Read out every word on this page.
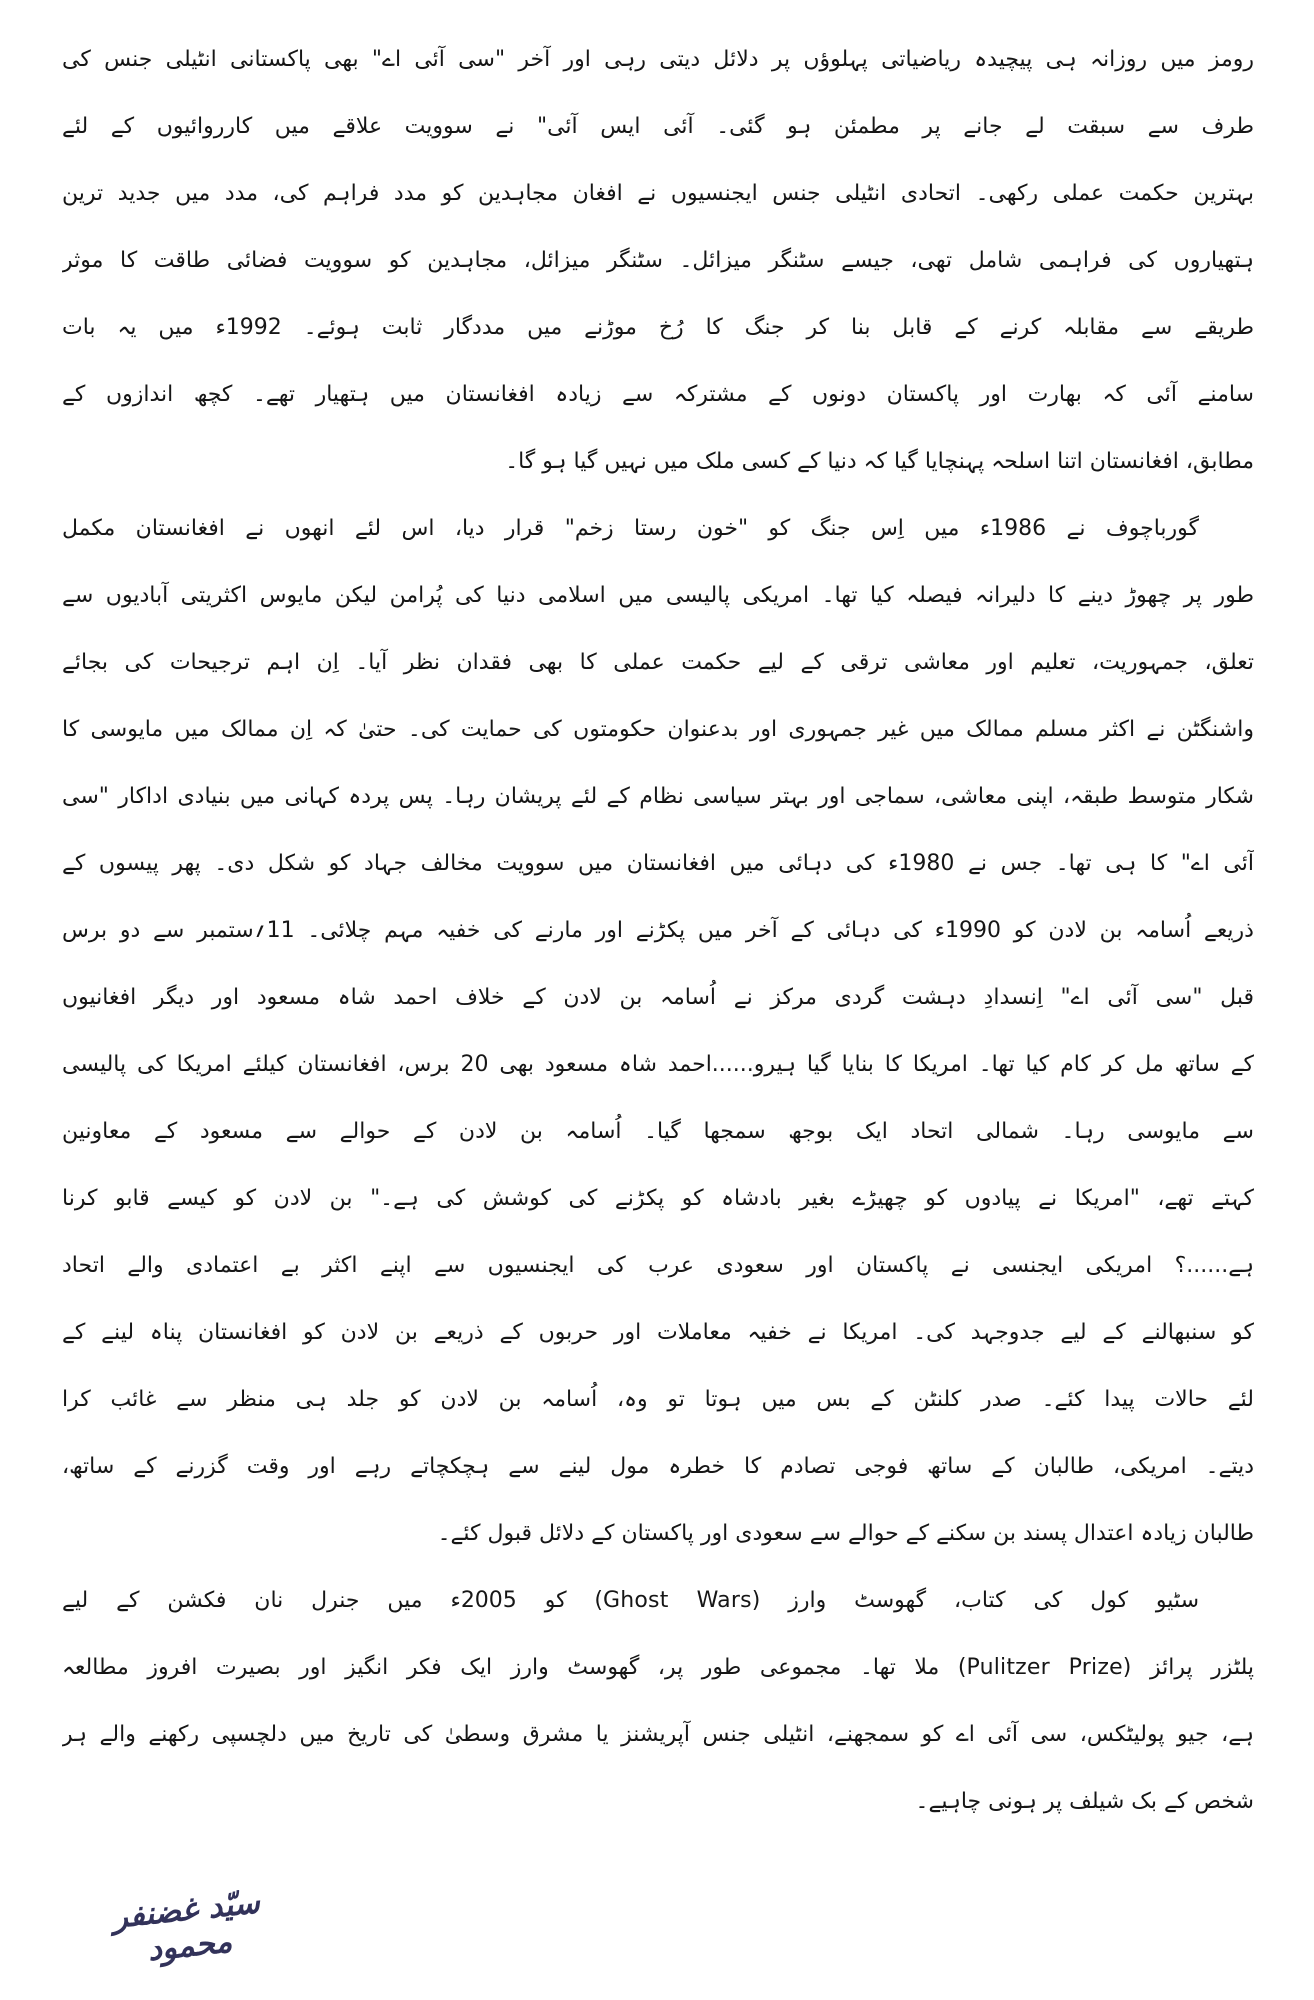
رومز میں روزانہ ہی پیچیدہ ریاضیاتی پہلوؤں پر دلائل دیتی رہی اور آخر "سی آئی اے" بھی پاکستانی انٹیلی جنس کی
طرف سے سبقت لے جانے پر مطمئن ہو گئی۔ آئی ایس آئی" نے سوویت علاقے میں کارروائیوں کے لئے
بہترین حکمت عملی رکھی۔ اتحادی انٹیلی جنس ایجنسیوں نے افغان مجاہدین کو مدد فراہم کی، مدد میں جدید ترین
ہتھیاروں کی فراہمی شامل تھی، جیسے سٹنگر میزائل۔ سٹنگر میزائل، مجاہدین کو سوویت فضائی طاقت کا موثر
طریقے سے مقابلہ کرنے کے قابل بنا کر جنگ کا رُخ موڑنے میں مددگار ثابت ہوئے۔ 1992ء میں یہ بات
سامنے آئی کہ بھارت اور پاکستان دونوں کے مشترکہ سے زیادہ افغانستان میں ہتھیار تھے۔ کچھ اندازوں کے
مطابق، افغانستان اتنا اسلحہ پہنچایا گیا کہ دنیا کے کسی ملک میں نہیں گیا ہو گا۔
گورباچوف نے 1986ء میں اِس جنگ کو "خون رستا زخم" قرار دیا، اس لئے انھوں نے افغانستان مکمل
طور پر چھوڑ دینے کا دلیرانہ فیصلہ کیا تھا۔ امریکی پالیسی میں اسلامی دنیا کی پُرامن لیکن مایوس اکثریتی آبادیوں سے
تعلق، جمہوریت، تعلیم اور معاشی ترقی کے لیے حکمت عملی کا بھی فقدان نظر آیا۔ اِن اہم ترجیحات کی بجائے
واشنگٹن نے اکثر مسلم ممالک میں غیر جمہوری اور بدعنوان حکومتوں کی حمایت کی۔ حتیٰ کہ اِن ممالک میں مایوسی کا
شکار متوسط طبقہ، اپنی معاشی، سماجی اور بہتر سیاسی نظام کے لئے پریشان رہا۔ پس پردہ کہانی میں بنیادی اداکار "سی
آئی اے" کا ہی تھا۔ جس نے 1980ء کی دہائی میں افغانستان میں سوویت مخالف جہاد کو شکل دی۔ پھر پیسوں کے
ذریعے اُسامہ بن لادن کو 1990ء کی دہائی کے آخر میں پکڑنے اور مارنے کی خفیہ مہم چلائی۔ 11؍ستمبر سے دو برس
قبل "سی آئی اے" اِنسدادِ دہشت گردی مرکز نے اُسامہ بن لادن کے خلاف احمد شاہ مسعود اور دیگر افغانیوں
کے ساتھ مل کر کام کیا تھا۔ امریکا کا بنایا گیا ہیرو......احمد شاہ مسعود بھی 20 برس، افغانستان کیلئے امریکا کی پالیسی
سے مایوسی رہا۔ شمالی اتحاد ایک بوجھ سمجھا گیا۔ اُسامہ بن لادن کے حوالے سے مسعود کے معاونین
کہتے تھے، "امریکا نے پیادوں کو چھیڑے بغیر بادشاہ کو پکڑنے کی کوشش کی ہے۔" بن لادن کو کیسے قابو کرنا
ہے......؟ امریکی ایجنسی نے پاکستان اور سعودی عرب کی ایجنسیوں سے اپنے اکثر بے اعتمادی والے اتحاد
کو سنبھالنے کے لیے جدوجہد کی۔ امریکا نے خفیہ معاملات اور حربوں کے ذریعے بن لادن کو افغانستان پناہ لینے کے
لئے حالات پیدا کئے۔ صدر کلنٹن کے بس میں ہوتا تو وہ، اُسامہ بن لادن کو جلد ہی منظر سے غائب کرا
دیتے۔ امریکی، طالبان کے ساتھ فوجی تصادم کا خطرہ مول لینے سے ہچکچاتے رہے اور وقت گزرنے کے ساتھ،
طالبان زیادہ اعتدال پسند بن سکنے کے حوالے سے سعودی اور پاکستان کے دلائل قبول کئے۔
سٹیو کول کی کتاب، گھوسٹ وارز ‎(Ghost Wars)‎ کو 2005ء میں جنرل نان فکشن کے لیے
پلٹزر پرائز ‎(Pulitzer Prize)‎ ملا تھا۔ مجموعی طور پر، گھوسٹ وارز ایک فکر انگیز اور بصیرت افروز مطالعہ
ہے، جیو پولیٹکس، سی آئی اے کو سمجھنے، انٹیلی جنس آپریشنز یا مشرق وسطیٰ کی تاریخ میں دلچسپی رکھنے والے ہر
شخص کے بک شیلف پر ہونی چاہیے۔
سیّد غضنفر محمود
